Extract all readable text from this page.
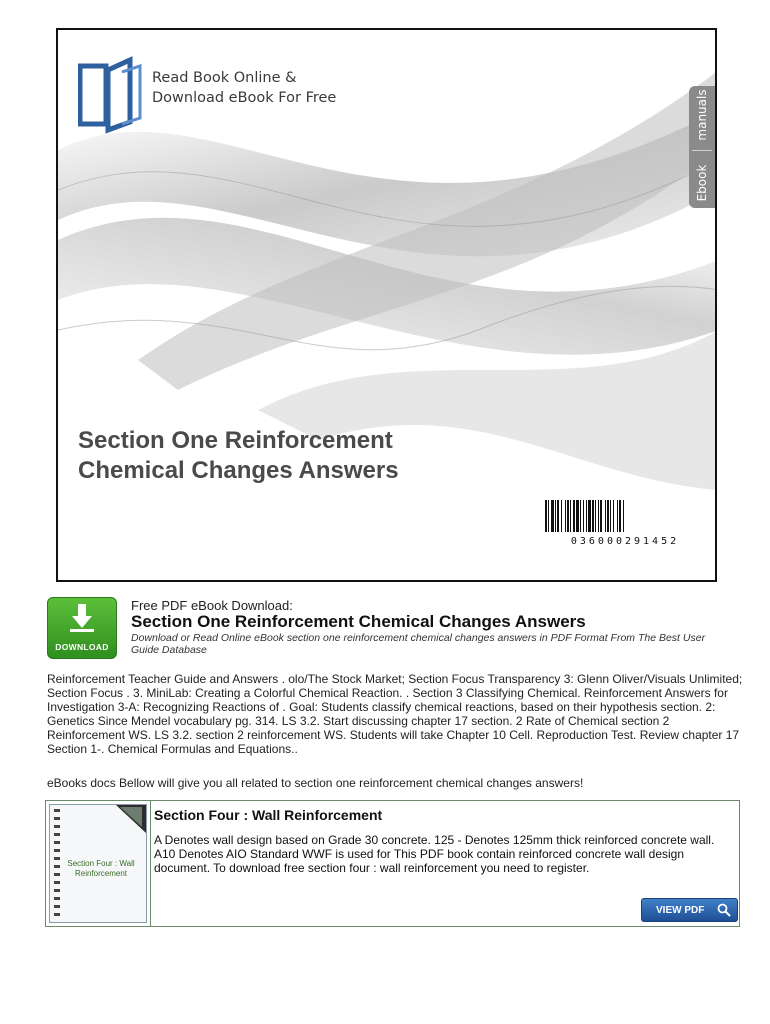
Read Book Online &
Download eBook For Free	manuals
Ebook
Section One Reinforcement
Chemical Changes Answers
036000291452
DOWNLOAD
Free PDF eBook Download:
Section One Reinforcement Chemical Changes Answers
Download or Read Online eBook section one reinforcement chemical changes answers in PDF Format From The Best User Guide Database
Reinforcement Teacher Guide and Answers . olo/The Stock Market; Section Focus Transparency 3: Glenn Oliver/Visuals Unlimited; Section Focus . 3. MiniLab: Creating a Colorful Chemical Reaction. . Section 3 Classifying Chemical. Reinforcement Answers for Investigation 3-A: Recognizing Reactions of . Goal: Students classify chemical reactions, based on their hypothesis section. 2: Genetics Since Mendel vocabulary pg. 314. LS 3.2. Start discussing chapter 17 section. 2 Rate of Chemical section 2 Reinforcement WS. LS 3.2. section 2 reinforcement WS. Students will take Chapter 10 Cell. Reproduction Test. Review chapter 17 Section 1-. Chemical Formulas and Equations..
eBooks docs Bellow will give you all related to section one reinforcement chemical changes answers!
Section Four : Wall Reinforcement
Section Four : Wall Reinforcement
A Denotes wall design based on Grade 30 concrete. 125 - Denotes 125mm thick reinforced concrete wall. A10 Denotes AIO Standard WWF is used for This PDF book contain reinforced concrete wall design document. To download free section four : wall reinforcement you need to register.
VIEW PDF
